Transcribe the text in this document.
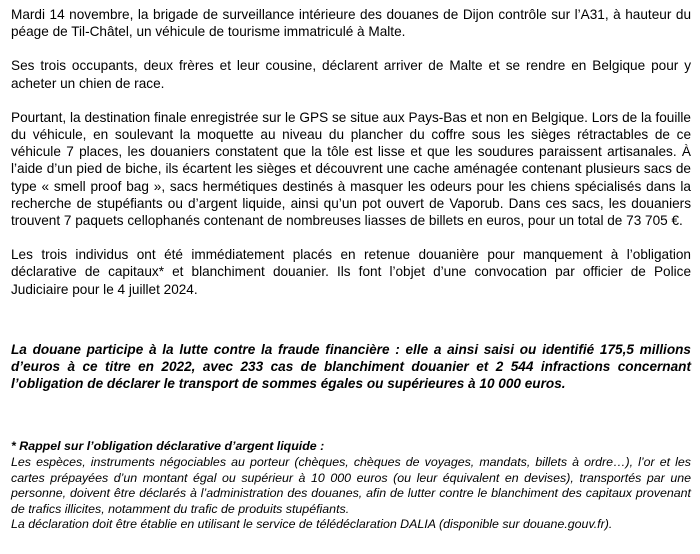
Mardi 14 novembre, la brigade de surveillance intérieure des douanes de Dijon contrôle sur l’A31, à hauteur du péage de Til-Châtel, un véhicule de tourisme immatriculé à Malte.

Ses trois occupants, deux frères et leur cousine, déclarent arriver de Malte et se rendre en Belgique pour y acheter un chien de race.

Pourtant, la destination finale enregistrée sur le GPS se situe aux Pays-Bas et non en Belgique. Lors de la fouille du véhicule, en soulevant la moquette au niveau du plancher du coffre sous les sièges rétractables de ce véhicule 7 places, les douaniers constatent que la tôle est lisse et que les soudures paraissent artisanales. À l’aide d’un pied de biche, ils écartent les sièges et découvrent une cache aménagée contenant plusieurs sacs de type « smell proof bag », sacs hermétiques destinés à masquer les odeurs pour les chiens spécialisés dans la recherche de stupéfiants ou d’argent liquide, ainsi qu’un pot ouvert de Vaporub. Dans ces sacs, les douaniers trouvent 7 paquets cellophanés contenant de nombreuses liasses de billets en euros, pour un total de 73 705 €.

Les trois individus ont été immédiatement placés en retenue douanière pour manquement à l’obligation déclarative de capitaux* et blanchiment douanier. Ils font l’objet d’une convocation par officier de Police Judiciaire pour le 4 juillet 2024.

La douane participe à la lutte contre la fraude financière : elle a ainsi saisi ou identifié 175,5 millions d’euros à ce titre en 2022, avec 233 cas de blanchiment douanier et 2 544 infractions concernant l’obligation de déclarer le transport de sommes égales ou supérieures à 10 000 euros.

* Rappel sur l’obligation déclarative d’argent liquide :

Les espèces, instruments négociables au porteur (chèques, chèques de voyages, mandats, billets à ordre…), l’or et les cartes prépayées d’un montant égal ou supérieur à 10 000 euros (ou leur équivalent en devises), transportés par une personne, doivent être déclarés à l’administration des douanes, afin de lutter contre le blanchiment des capitaux provenant de trafics illicites, notamment du trafic de produits stupéfiants.

La déclaration doit être établie en utilisant le service de télédéclaration DALIA (disponible sur douane.gouv.fr).
